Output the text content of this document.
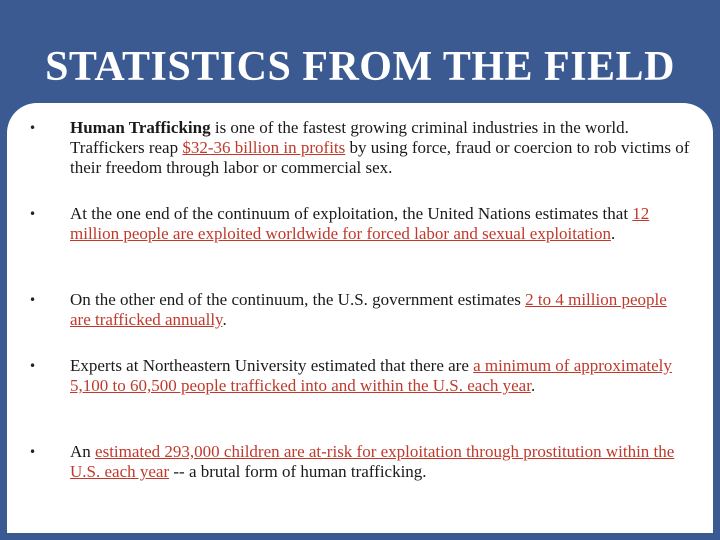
STATISTICS FROM THE FIELD
• Human Trafficking is one of the fastest growing criminal industries in the world. Traffickers reap $32-36 billion in profits by using force, fraud or coercion to rob victims of their freedom through labor or commercial sex.
• At the one end of the continuum of exploitation, the United Nations estimates that 12 million people are exploited worldwide for forced labor and sexual exploitation.
• On the other end of the continuum, the U.S. government estimates 2 to 4 million people are trafficked annually.
• Experts at Northeastern University estimated that there are a minimum of approximately 5,100 to 60,500 people trafficked into and within the U.S. each year.
• An estimated 293,000 children are at-risk for exploitation through prostitution within the U.S. each year -- a brutal form of human trafficking.
